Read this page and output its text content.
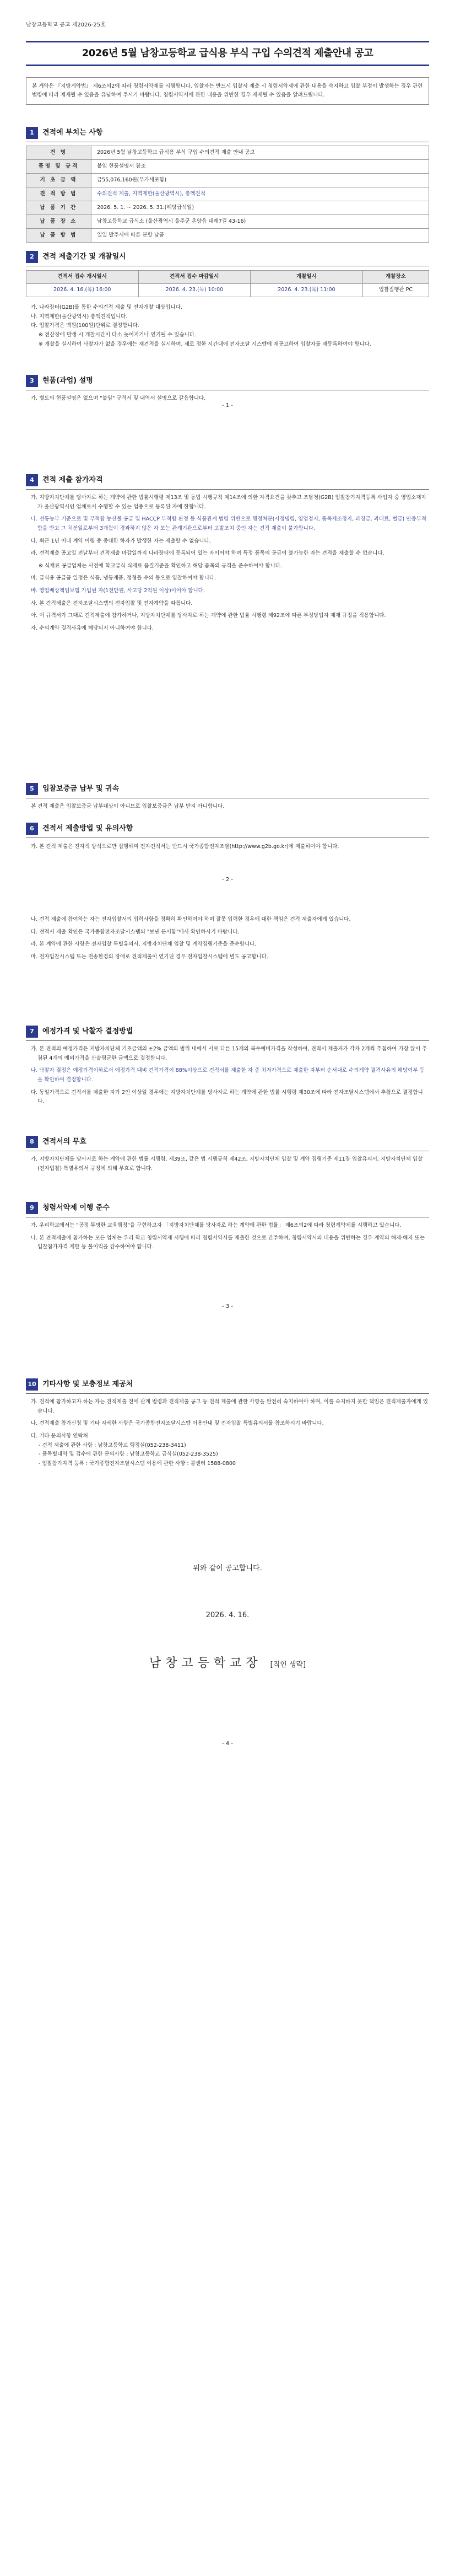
남창고등학교 공고 제2026-25호
2026년 5월 남창고등학교 급식용 부식 구입 수의견적 제출안내 공고

본 계약은 『지방계약법』 제6조의2에 따라 청렴서약제를 시행합니다. 입찰자는 반드시 입찰서 제출 시 청렴서약제에 관한 내용을 숙지하고 입찰 부정이 발생하는 경우 관련 법령에 따라 제재될 수 있음을 유념하여 주시기 바랍니다. 청렴서약서에 관한 내용을 위반한 경우 제재될 수 있음을 알려드립니다.

1	견적에 부치는 사항
건 명	2026년 5월 남창고등학교 급식용 부식 구입 수의견적 제출 안내 공고
품명 및 규격	붙임 현품설명서 참조
기 초 금 액	금55,076,160원(부가세포함)
견 적 방 법	수의견적 제출, 지역제한(울산광역시), 총액견적
납 품 기 간	2026. 5. 1. ~ 2026. 5. 31.(해당급식일)
납 품 장 소	남창고등학교 급식소 (울산광역시 울주군 온양읍 대래7길 43-16)
납 품 방 법	일일 발주서에 따른 분할 납품
2	견적 제출기간 및 개찰일시
견적서 접수 개시일시	견적서 접수 마감일시	개찰일시	개찰장소
2026. 4. 16.(목) 16:00	2026. 4. 23.(목) 10:00	2026. 4. 23.(목) 11:00	입찰집행관 PC

가. 나라장터(G2B)를 통한 수의견적 제출 및 전자개찰 대상입니다.

나. 지역제한(울산광역시) 총액견적입니다.

다. 입찰가격은 백원(100원)단위로 결정합니다.

※ 전산장애 발생 시 개찰시간이 다소 늦어지거나 연기될 수 있습니다.

※ 개찰을 실시하여 낙찰자가 없을 경우에는 재견적을 실시하며, 새로 정한 시간대에 전자조달 시스템에 재공고하여 입찰자를 재등록하여야 합니다.

3	현품(과업) 설명

가. 별도의 현품설명은 없으며 "붙임" 규격서 및 내역서 설명으로 갈음합니다.

- 1 -
4	견적 제출 참가자격

가. 지방자치단체를 당사자로 하는 계약에 관한 법률시행령 제13조 및 동법 시행규칙 제14조에 의한 자격요건을 갖추고 조달청(G2B) 입찰참가자격등록 사업자 중 영업소재지가 울산광역시인 업체로서 수행할 수 있는 업종으로 등록된 자에 한합니다.

나. 전통농부 기준으로 및 부적합 농산물 공급 및 HACCP 부적합 판정 등 식품관계 법령 위반으로 행정처분(시정명령, 영업정지, 품목제조정지, 과징금, 과태료, 벌금) 인증부적합을 받고 그 처분일로부터 3개월이 경과하지 않은 자 또는 관계기관으로부터 고발조치 중인 자는 견적 제출이 불가합니다.

다. 최근 1년 이내 계약 이행 중 중대한 하자가 발생한 자는 제출할 수 없습니다.

라. 견적제출 공고일 전날부터 견적제출 마감일까지 나라장터에 등록되어 있는 자이어야 하며 특정 품목의 공급이 불가능한 자는 견적을 제출할 수 없습니다.

※ 식재료 공급업체는 사전에 학교급식 식재료 품질기준을 확인하고 해당 품목의 규격을 준수하여야 합니다.

마. 급식용 공급품 일정은 식품, 냉동제품, 정형을 수의 등으로 입찰하여야 합니다.

바. 영업배상책임보험 가입된 자(1천만원, 사고당 2억원 이상)이어야 합니다.

사. 본 견적제출은 전자조달시스템의 전자입찰 및 전자계약을 따릅니다.

아. 이 규격서가 그대로 견적제출에 참가하거나, 지방자치단체를 당사자로 하는 계약에 관한 법률 시행령 제92조에 따른 부정당업자 제재 규정을 적용합니다.

자. 수의계약 결격사유에 해당되지 아니하여야 합니다.

5	입찰보증금 납부 및 귀속

본 견적 제출은 입찰보증금 납부대상이 아니므로 입찰보증금은 납부 받지 아니합니다.

6	견적서 제출방법 및 유의사항

가. 본 견적 제출은 전자적 방식으로만 집행하며 전자견적서는 반드시 국가종합전자조달(http://www.g2b.go.kr)에 제출하여야 합니다.

- 2 -

나. 견적 제출에 참여하는 자는 전자입찰서의 입력사항을 정확히 확인하여야 하며 잘못 입력한 경우에 대한 책임은 견적 제출자에게 있습니다.

다. 견적서 제출 확인은 국가종합전자조달시스템의 "보낸 문서함"에서 확인하시기 바랍니다.

라. 본 계약에 관한 사항은 전자입찰 특별유의서, 지방자치단체 입찰 및 계약집행기준을 준수합니다.

마. 전자입찰시스템 또는 전송환경의 장애로 견적제출이 연기된 경우 전자입찰시스템에 별도 공고합니다.

7	예정가격 및 낙찰자 결정방법

가. 본 견적의 예정가격은 지방자치단체 기초금액의 ±2% 금액의 범위 내에서 서로 다른 15개의 복수예비가격을 작성하여, 견적서 제출자가 각자 2개씩 추첨하여 가장 많이 추첨된 4개의 예비가격을 산술평균한 금액으로 결정합니다.

나. 낙찰자 결정은 예정가격이하로서 예정가격 대비 견적가격이 88%이상으로 견적서를 제출한 자 중 최저가격으로 제출한 자부터 순서대로 수의계약 결격사유의 해당여부 등을 확인하여 결정합니다.

다. 동일가격으로 견적서를 제출한 자가 2인 이상일 경우에는 지방자치단체를 당사자로 하는 계약에 관한 법률 시행령 제30조에 따라 전자조달시스템에서 추첨으로 결정합니다.

8	견적서의 무효

가. 지방자치단체를 당사자로 하는 계약에 관한 법률 시행령, 제39조, 같은 법 시행규칙 제42조, 지방자치단체 입찰 및 계약 집행기준 제11장 입찰유의서, 지방자치단체 입찰(전자입찰) 특별유의서 규정에 의해 무효로 합니다.

9	청렴서약제 이행 준수

가. 우리학교에서는 "공정 투명한 교육행정"을 구현하고자 「지방자치단체를 당사자로 하는 계약에 관한 법률」 제6조의2에 따라 청렴계약제를 시행하고 있습니다.

나. 본 견적제출에 참가하는 모든 업체는 우리 학교 청렴서약제 시행에 따라 청렴서약서를 제출한 것으로 간주하며, 청렴서약서의 내용을 위반하는 경우 계약의 해제·해지 또는 입찰참가자격 제한 등 불이익을 감수하여야 합니다.

- 3 -
10 기타사항 및 보충정보 제공처

가. 견적에 참가하고자 하는 자는 견적제출 전에 관계 법령과 견적제출 공고 등 견적 제출에 관한 사항을 완전히 숙지하여야 하며, 이를 숙지하지 못한 책임은 견적제출자에게 있습니다.

나. 견적제출 참가신청 및 기타 자세한 사항은 국가종합전자조달시스템 이용안내 및 전자입찰 특별유의서를 참조하시기 바랍니다.

다. 기타 문의사항 연락처

- 견적 제출에 관한 사항 : 남창고등학교 행정실(052-238-3411)

- 품목별내역 및 검수에 관한 문의사항 : 남창고등학교 급식실(052-238-3525)

- 입찰참가자격 등록 : 국가종합전자조달시스템 이용에 관한 사항 : 콜센터 1588-0800

위와 같이 공고합니다.
2026. 4. 16.
남창고등학교장 [직인 생략]
- 4 -
